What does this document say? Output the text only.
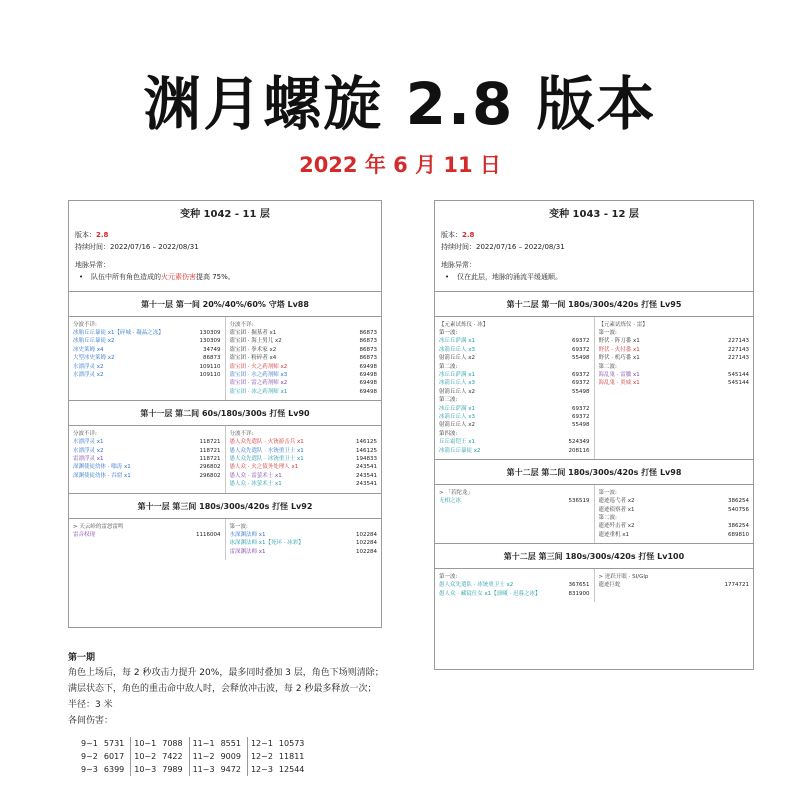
渊月螺旋 2.8 版本
2022 年 6 月 11 日
变种 1042 - 11 层
版本：2.8
持续时间：2022/07/16 – 2022/08/31
地脉异常：
• 队伍中所有角色造成的火元素伤害提高 75%。
第十一层 第一间 20%/40%/60% 守塔 Lv88
分波不详:
冰胎丘丘暴徒 x1【碎城 · 凝晶之冻】	130309
冰胎丘丘暴徒 x2	130309
冰史莱姆 x4	34749
大型冰史莱姆 x2	86873
水漂浮灵 x2	109110
水漂浮灵 x2	109110
分波不详:
盗宝团 · 掘墓者 x1	86873
盗宝团 · 海上男儿 x2	86873
盗宝团 · 拳术家 x2	86873
盗宝团 · 粉碎者 x4	86873
盗宝团 · 火之药剂师 x2	69498
盗宝团 · 水之药剂师 x3	69498
盗宝团 · 雷之药剂师 x2	69498
盗宝团 · 冰之药剂师 x1	69498
第十一层 第二间 60s/180s/300s 打怪 Lv90
分波不详:
水漂浮灵 x1	118721
水漂浮灵 x2	118721
雷漂浮灵 x1	118721
深渊使徒幼体 · 嗡涛 x1	296802
深渊使徒幼体 · 吞窟 x1	296802
分波不详:
愚人众先遣队 · 火铳游击兵 x1	146125
愚人众先遣队 · 水铳重卫士 x1	146125
愚人众先遣队 · 冰铳重卫士 x1	194833
愚人众 · 火之债务处理人 x1	243541
愚人众 · 雷萤术士 x1	243541
愚人众 · 冰萤术士 x1	243541
第十一层 第三间 180s/300s/420s 打怪 Lv92
> 天云峠的雷怒雷鸣
雷音权现	1116004
第一波:
水深渊法师 x1	102284
冰深渊法师 x1【死环 · 冰彩】	102284
雷深渊法师 x1	102284
变种 1043 - 12 层
版本：2.8
持续时间：2022/07/16 – 2022/08/31
地脉异常：
• 仅在此层，地脉的涌流平缓通顺。
第十二层 第一间 180s/300s/420s 打怪 Lv95
【元素试炼仪 · 冰】
第一波:
冰丘丘萨满 x1	69372
冰箭丘丘人 x3	69372
射箭丘丘人 x2	55498
第二波:
冰丘丘萨满 x1	69372
冰箭丘丘人 x3	69372
射箭丘丘人 x2	55498
第三波:
冰丘丘萨满 x1	69372
冰箭丘丘人 x3	69372
射箭丘丘人 x2	55498
第四波:
丘丘霜铠王 x1	524349
冰箭丘丘暴徒 x2	208116
【元素试炼仪 · 雷】
第一波:
野伏 · 阵刀番 x1	227143
野伏 · 火付番 x1	227143
野伏 · 机巧番 x1	227143
第二波:
海乱鬼 · 雷騰 x1	545144
海乱鬼 · 炎威 x1	545144
第十二层 第二间 180s/300s/420s 打怪 Lv98
> 「若陀龙」
无相之冰	536519
第一波:
遗迹巡弋者 x2	386254
遗迹侦察者 x1	540756
第二波:
遗迹歼击者 x2	386254
遗迹重机 x1	689810
第十二层 第三间 180s/300s/420s 打怪 Lv100
第一波:
愚人众先遣队 · 冰铳重卫士 x2	367651
愚人众 · 藏镜仕女 x1【凛曦 · 迟暮之冰】	831900
> 迸跃开眼 · SI/Glp
遗迹巨蛇	1774721
第一期
角色上场后，每 2 秒攻击力提升 20%，最多同时叠加 3 层，角色下场则清除；
满层状态下，角色的重击命中敌人时，会释放冲击波，每 2 秒最多释放一次；
半径：3 米
各间伤害：
9~1	5731	10~1	7088	11~1	8551	12~1	10573
9~2	6017	10~2	7422	11~2	9009	12~2	11811
9~3	6399	10~3	7989	11~3	9472	12~3	12544
